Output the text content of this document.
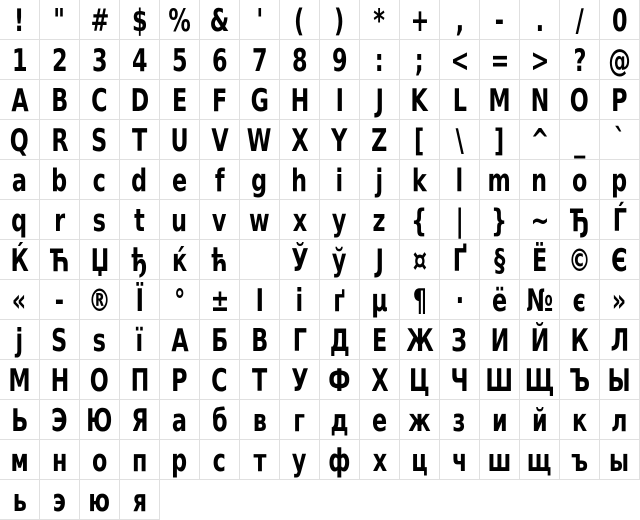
! " # $ % & ' ( ) * + , - . / 0
1 2 3 4 5 6 7 8 9 : ; < = > ? @
A B C D E F G H I J K L M N O P
Q R S T U V W X Y Z [ \ ] ^ _ `
a b c d e f g h i j k l m n o p
q r s t u v w x y z { | } ~ Ђ Ѓ
Ќ Ћ Џ ђ ќ ћ Ў ў Ј ¤ Ґ § Ё © Є
« - ® Ї ° ± І і ґ µ ¶ · ё № є »
ј Ѕ ѕ ї А Б В Г Д Е Ж З И Й К Л
М Н О П Р С Т У Ф Х Ц Ч Ш Щ Ъ Ы
Ь Э Ю Я а б в г д е ж з и й к л
м н о п р с т у ф х ц ч ш щ ъ ы
ь э ю я
